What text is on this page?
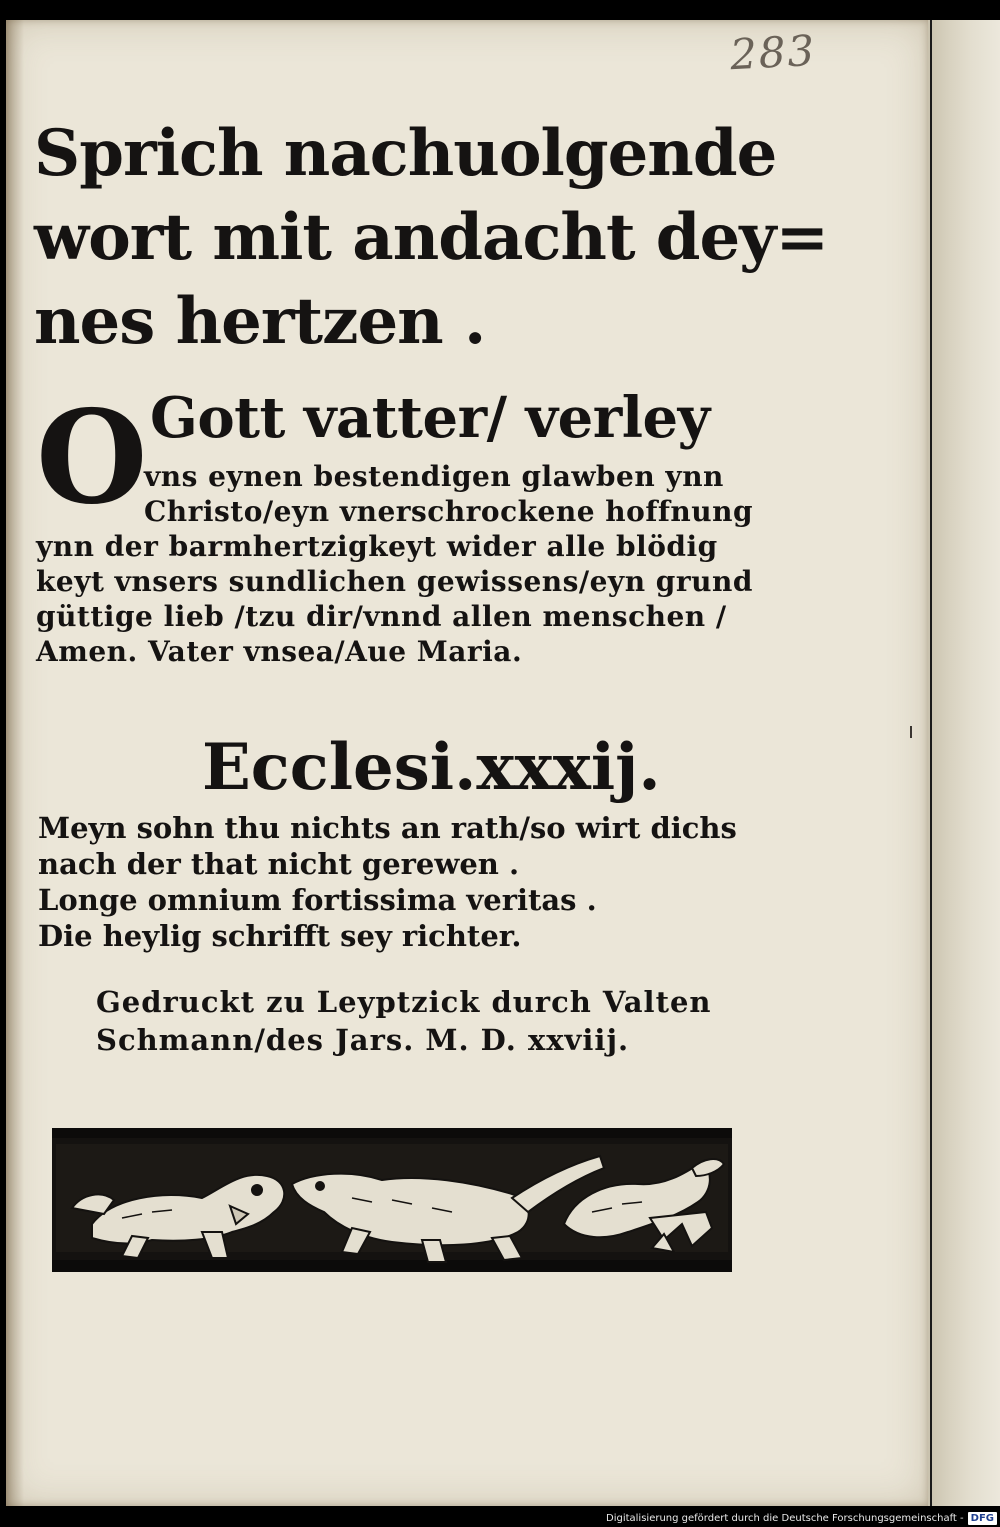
283
Sprich nachuolgende
wort mit andacht dey=
nes hertzen .
O Gott vatter/ verley
vns eynen bestendigen glawben ynn
Christo/eyn vnerschrockene hoffnung
ynn der barmhertzigkeyt wider alle blödig
keyt vnsers sundlichen gewissens/eyn grund
güttige lieb /tzu dir/vnnd allen menschen /
Amen. Vater vnsea/Aue Maria.
Ecclesi.xxxij.
Meyn sohn thu nichts an rath/so wirt dichs
nach der that nicht gerewen .
Longe omnium fortissima veritas .
Die heylig schrifft sey richter.
Gedruckt zu Leyptzick durch Valten
Schmann/des Jars. M. D. xxviij.
Digitalisierung gefördert durch die Deutsche Forschungsgemeinschaft - DFG
